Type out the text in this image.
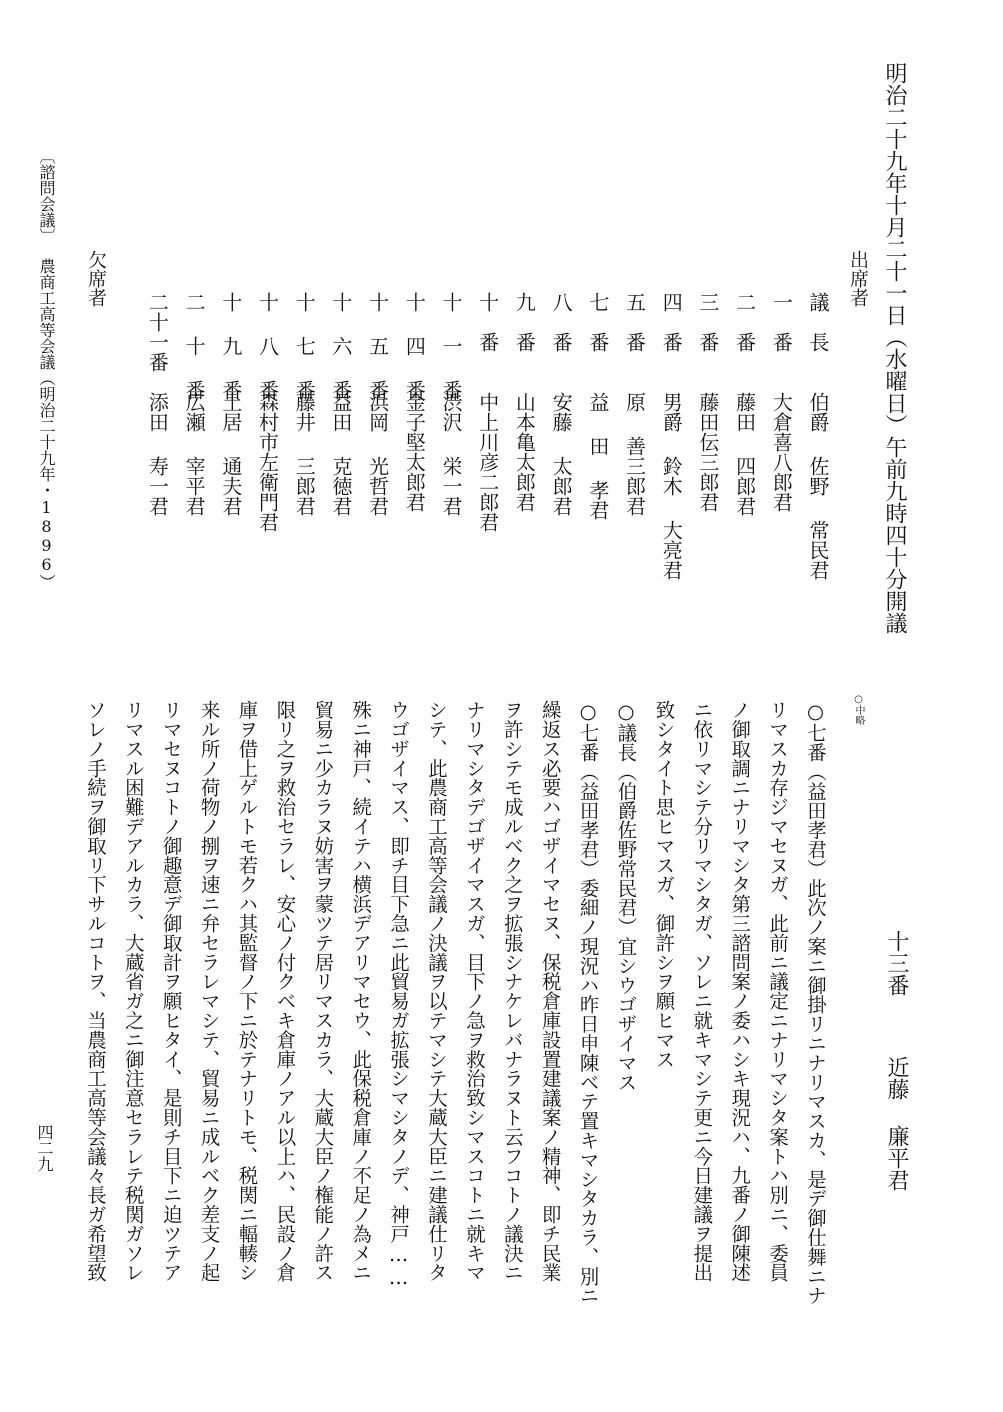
明治二十九年十月二十一日（水曜日）午前九時四十分開議
出席者
議　長
伯爵 佐野 常民君
一　番
大倉喜八郎君
二　番
藤田 四郎君
三　番
藤田伝三郎君
四　番
男爵 鈴木 大亮君
五　番
原 善三郎君
七　番
益 田 孝君
八　番
安藤 太郎君
九　番
山本亀太郎君
十　番
中上川彦二郎君
十 一 番
渋沢 栄一君
十 四 番
金子堅太郎君
十 五 番
浜岡 光哲君
十 六 番
益田 克徳君
十 七 番
藤井 三郎君
十 八 番
森村市左衛門君
十 九 番
土居 通夫君
二 十 番
広瀬 宰平君
二十一番
添田 寿一君
欠席者
〔諮問会議〕
農商工高等会議（明治二十九年・1896）
四二九
十三番
近藤 廉平君
○中略
○七番（益田孝君）此次ノ案ニ御掛リニナリマスカ、是デ御仕舞ニナ
リマスカ存ジマセヌガ、此前ニ議定ニナリマシタ案トハ別ニ、委員
ノ御取調ニナリマシタ第三諮問案ノ委ハシキ現況ハ、九番ノ御陳述
ニ依リマシテ分リマシタガ、ソレニ就キマシテ更ニ今日建議ヲ提出
致シタイト思ヒマスガ、御許シヲ願ヒマス
○議長（伯爵佐野常民君）宜シウゴザイマス
○七番（益田孝君）委細ノ現況ハ昨日申陳ベテ置キマシタカラ、別ニ
繰返ス必要ハゴザイマセヌ、保税倉庫設置建議案ノ精神、即チ民業
ヲ許シテモ成ルベク之ヲ拡張シナケレバナラヌト云フコトノ議決ニ
ナリマシタデゴザイマスガ、目下ノ急ヲ救治致シマスコトニ就キマ
シテ、此農商工高等会議ノ決議ヲ以テマシテ大蔵大臣ニ建議仕リタ
ウゴザイマス、即チ目下急ニ此貿易ガ拡張シマシタノデ、神戸……
殊ニ神戸、続イテハ横浜デアリマセウ、此保税倉庫ノ不足ノ為メニ
貿易ニ少カラヌ妨害ヲ蒙ツテ居リマスカラ、大蔵大臣ノ権能ノ許ス
限リ之ヲ救治セラレ、安心ノ付クベキ倉庫ノアル以上ハ、民設ノ倉
庫ヲ借上ゲルトモ若クハ其監督ノ下ニ於テナリトモ、税関ニ輻輳シ
来ル所ノ荷物ノ捌ヲ速ニ弁セラレマシテ、貿易ニ成ルベク差支ノ起
リマセヌコトノ御趣意デ御取計ヲ願ヒタイ、是則チ目下ニ迫ツテア
リマスル困難デアルカラ、大蔵省ガ之ニ御注意セラレテ税関ガソレ
ソレノ手続ヲ御取リ下サルコトヲ、当農商工高等会議々長ガ希望致
